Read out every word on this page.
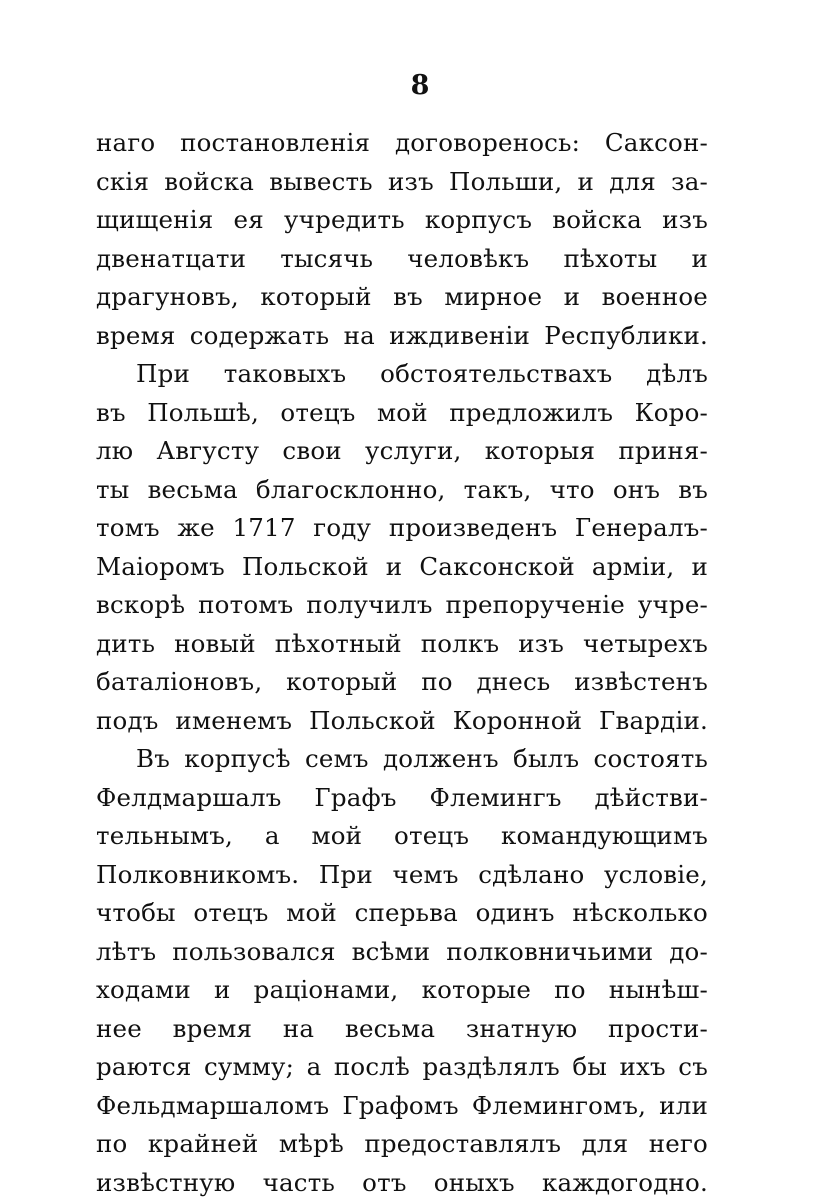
8
наго постановленія договоренось: Саксон-
скія войска вывесть изъ Польши, и для за-
щищенія ея учредить корпусъ войска изъ
двенатцати тысячь человѣкъ пѣхоты и
драгуновъ, который въ мирное и военное
время содержать на иждивеніи Республики.
При таковыхъ обстоятельствахъ дѣлъ
въ Польшѣ, отецъ мой предложилъ Коро-
лю Августу свои услуги, которыя приня-
ты весьма благосклонно, такъ, что онъ въ
томъ же 1717 году произведенъ Генералъ-
Маіоромъ Польской и Саксонской арміи, и
вскорѣ потомъ получилъ препорученіе учре-
дить новый пѣхотный полкъ изъ четырехъ
баталіоновъ, который по днесь извѣстенъ
подъ именемъ Польской Коронной Гвардіи.
Въ корпусѣ семъ долженъ былъ состоять
Фелдмаршалъ Графъ Флемингъ дѣйстви-
тельнымъ, а мой отецъ командующимъ
Полковникомъ. При чемъ сдѣлано условіе,
чтобы отецъ мой сперьва одинъ нѣсколько
лѣтъ пользовался всѣми полковничьими до-
ходами и раціонами, которые по нынѣш-
нее время на весьма знатную прости-
раются сумму; а послѣ раздѣлялъ бы ихъ съ
Фельдмаршаломъ Графомъ Флемингомъ, или
по крайней мѣрѣ предоставлялъ для него
извѣстную часть отъ оныхъ каждогодно.
